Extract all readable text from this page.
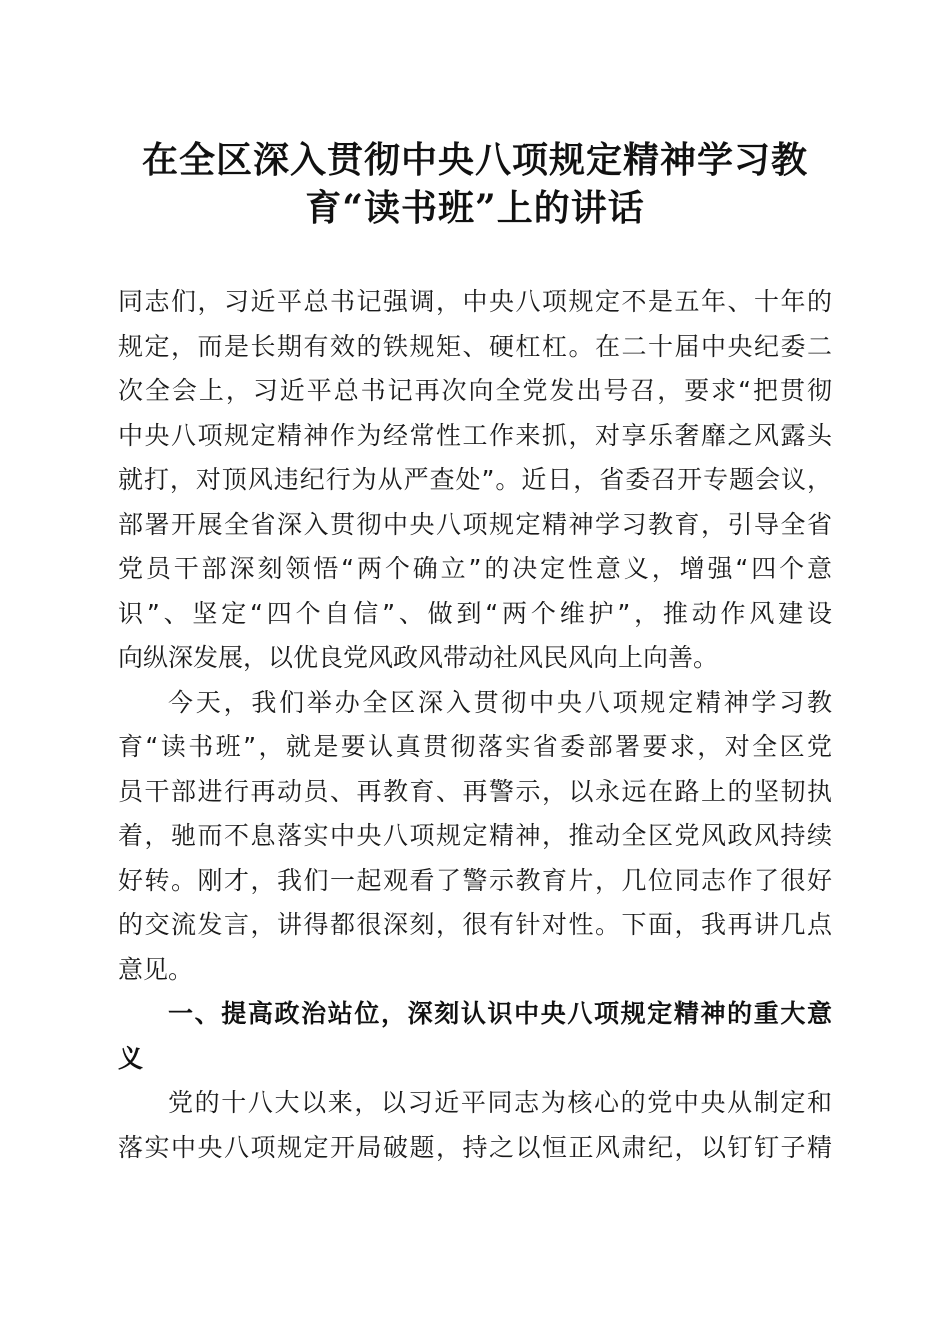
在全区深入贯彻中央八项规定精神学习教
育“读书班”上的讲话

同志们，习近平总书记强调，中央八项规定不是五年、十年的
规定，而是长期有效的铁规矩、硬杠杠。在二十届中央纪委二
次全会上，习近平总书记再次向全党发出号召，要求“把贯彻
中央八项规定精神作为经常性工作来抓，对享乐奢靡之风露头
就打，对顶风违纪行为从严查处”。近日，省委召开专题会议，
部署开展全省深入贯彻中央八项规定精神学习教育，引导全省
党员干部深刻领悟“两个确立”的决定性意义，增强“四个意
识”、坚定“四个自信”、做到“两个维护”，推动作风建设
向纵深发展，以优良党风政风带动社风民风向上向善。

今天，我们举办全区深入贯彻中央八项规定精神学习教
育“读书班”，就是要认真贯彻落实省委部署要求，对全区党
员干部进行再动员、再教育、再警示，以永远在路上的坚韧执
着，驰而不息落实中央八项规定精神，推动全区党风政风持续
好转。刚才，我们一起观看了警示教育片，几位同志作了很好
的交流发言，讲得都很深刻，很有针对性。下面，我再讲几点
意见。

一、提高政治站位，深刻认识中央八项规定精神的重大意
义

党的十八大以来，以习近平同志为核心的党中央从制定和
落实中央八项规定开局破题，持之以恒正风肃纪，以钉钉子精
